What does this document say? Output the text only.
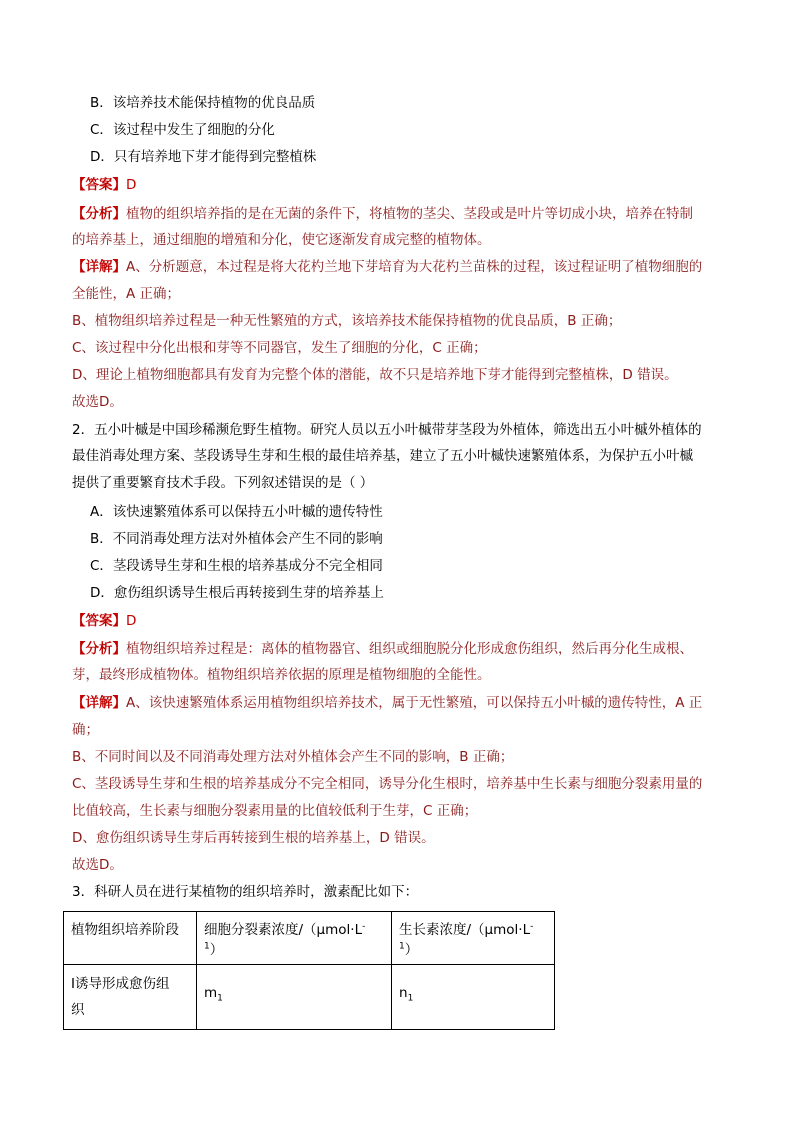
B．该培养技术能保持植物的优良品质
C．该过程中发生了细胞的分化
D．只有培养地下芽才能得到完整植株
【答案】D
【分析】植物的组织培养指的是在无菌的条件下，将植物的茎尖、茎段或是叶片等切成小块，培养在特制
的培养基上，通过细胞的增殖和分化，使它逐渐发育成完整的植物体。
【详解】A、分析题意，本过程是将大花杓兰地下芽培育为大花杓兰苗株的过程，该过程证明了植物细胞的
全能性，A 正确；
B、植物组织培养过程是一种无性繁殖的方式，该培养技术能保持植物的优良品质，B 正确；
C、该过程中分化出根和芽等不同器官，发生了细胞的分化，C 正确；
D、理论上植物细胞都具有发育为完整个体的潜能，故不只是培养地下芽才能得到完整植株，D 错误。
故选D。
2．五小叶槭是中国珍稀濒危野生植物。研究人员以五小叶槭带芽茎段为外植体，筛选出五小叶槭外植体的
最佳消毒处理方案、茎段诱导生芽和生根的最佳培养基，建立了五小叶槭快速繁殖体系，为保护五小叶槭
提供了重要繁育技术手段。下列叙述错误的是（ ）
A．该快速繁殖体系可以保持五小叶槭的遗传特性
B．不同消毒处理方法对外植体会产生不同的影响
C．茎段诱导生芽和生根的培养基成分不完全相同
D．愈伤组织诱导生根后再转接到生芽的培养基上
【答案】D
【分析】植物组织培养过程是：离体的植物器官、组织或细胞脱分化形成愈伤组织，然后再分化生成根、
芽，最终形成植物体。植物组织培养依据的原理是植物细胞的全能性。
【详解】A、该快速繁殖体系运用植物组织培养技术，属于无性繁殖，可以保持五小叶槭的遗传特性，A 正
确；
B、不同时间以及不同消毒处理方法对外植体会产生不同的影响，B 正确；
C、茎段诱导生芽和生根的培养基成分不完全相同，诱导分化生根时，培养基中生长素与细胞分裂素用量的
比值较高，生长素与细胞分裂素用量的比值较低利于生芽，C 正确；
D、愈伤组织诱导生芽后再转接到生根的培养基上，D 错误。
故选D。
3．科研人员在进行某植物的组织培养时，激素配比如下：
植物组织培养阶段	细胞分裂素浓度$/(\mu mol\cdot L^{-1})$	生长素浓度$/(\mu mol\cdot L^{-1})$
Ⅰ诱导形成愈伤组
织	$m_1$	$n_1$
